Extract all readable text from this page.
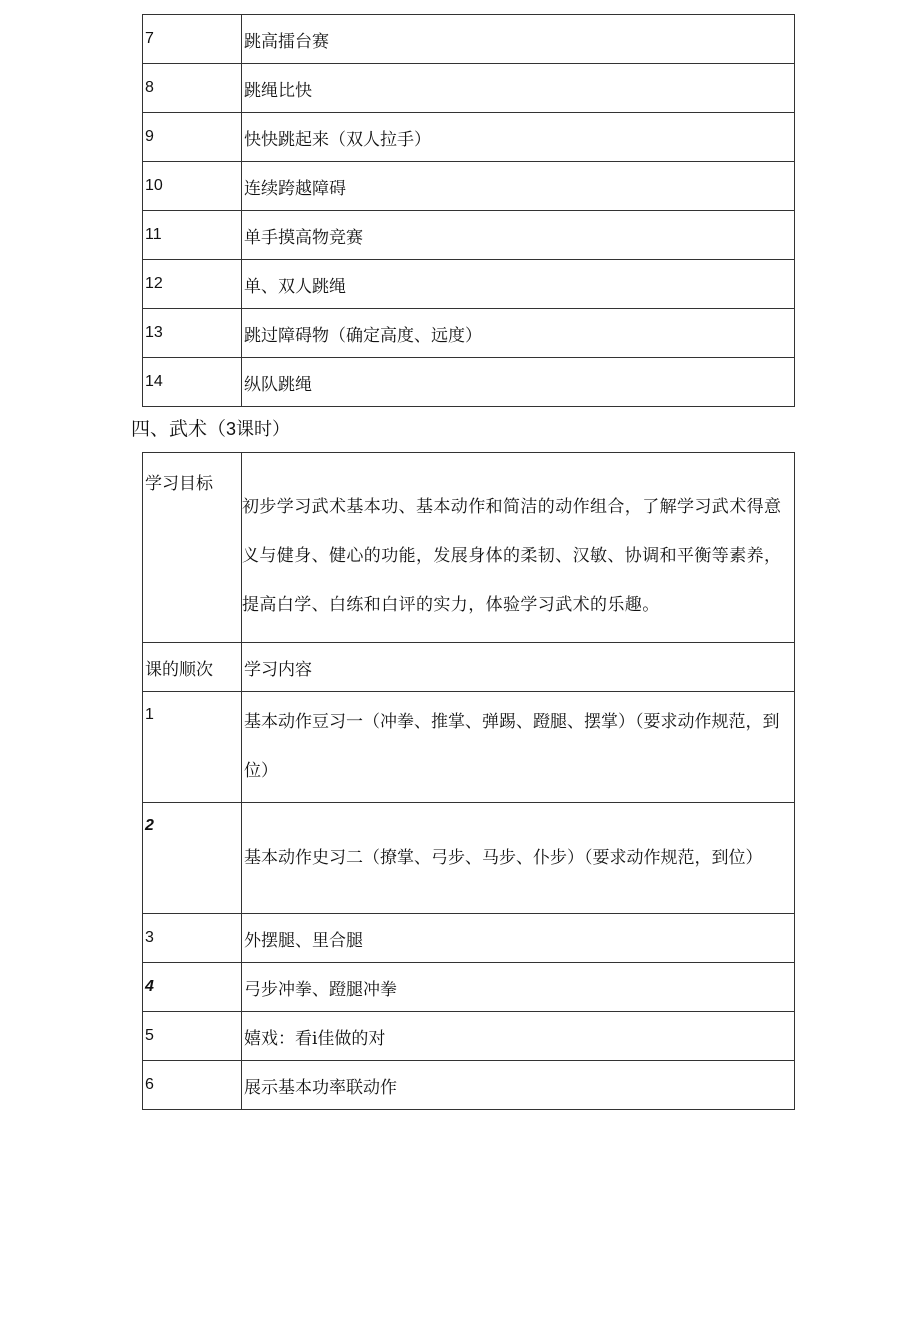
7	跳高擂台赛
8	跳绳比快
9	快快跳起来（双人拉手）
10	连续跨越障碍
11	单手摸高物竞赛
12	单、双人跳绳
13	跳过障碍物（确定高度、远度）
14	纵队跳绳
四、武术（3课时）
学习目标	初步学习武术基本功、基本动作和简洁的动作组合，了解学习武术得意义与健身、健心的功能，发展身体的柔韧、汉敏、协调和平衡等素养，提高白学、白练和白评的实力，体验学习武术的乐趣。
课的顺次	学习内容
1	基本动作豆习一（冲拳、推掌、弹踢、蹬腿、摆掌）（要求动作规范，到位）
2	基本动作史习二（撩掌、弓步、马步、仆步）（要求动作规范，到位）
3	外摆腿、里合腿
4	弓步冲拳、蹬腿冲拳
5	嬉戏：看i佳做的对
6	展示基本功率联动作
